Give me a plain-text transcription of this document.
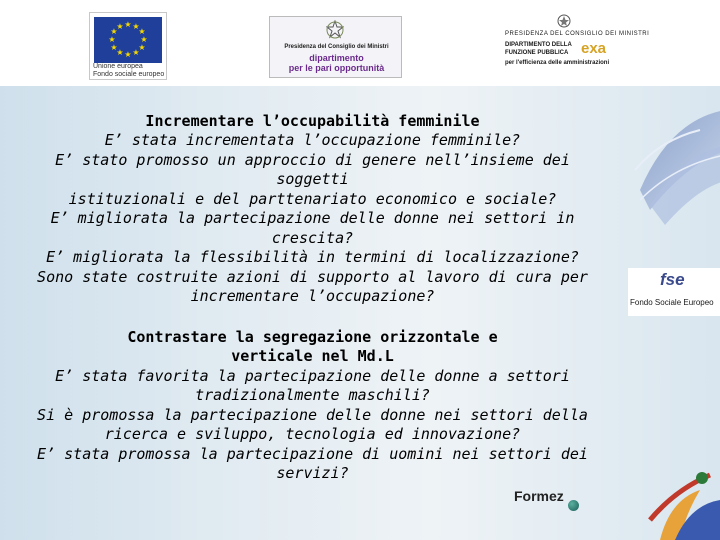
★ ★
★
★
★
★
★
★
★
★
★
★
Unione europea
Fondo sociale europeo
Presidenza del Consiglio dei Ministri
dipartimento
per le pari opportunità
PRESIDENZA DEL CONSIGLIO DEI MINISTRI
DIPARTIMENTO DELLA
FUNZIONE PUBBLICA
per l'efficienza delle amministrazioni
exa
fse
Fondo Sociale Europeo

Incrementare l’occupabilità femminile

E’ stata incrementata l’occupazione femminile?

E’ stato promosso un approccio di genere nell’insieme dei soggetti

istituzionali e del parttenariato economico e sociale?

E’ migliorata la partecipazione delle donne nei settori in

crescita?

E’ migliorata la flessibilità in termini di localizzazione?

Sono state costruite azioni di supporto al lavoro di cura per

incrementare l’occupazione?

Contrastare la segregazione orizzontale e

verticale nel Md.L

E’ stata favorita la partecipazione delle donne a settori

tradizionalmente maschili?

Si è promossa la partecipazione delle donne nei settori della

ricerca e sviluppo, tecnologia ed innovazione?

E’ stata promossa la partecipazione di uomini nei settori dei

servizi?

Formez
